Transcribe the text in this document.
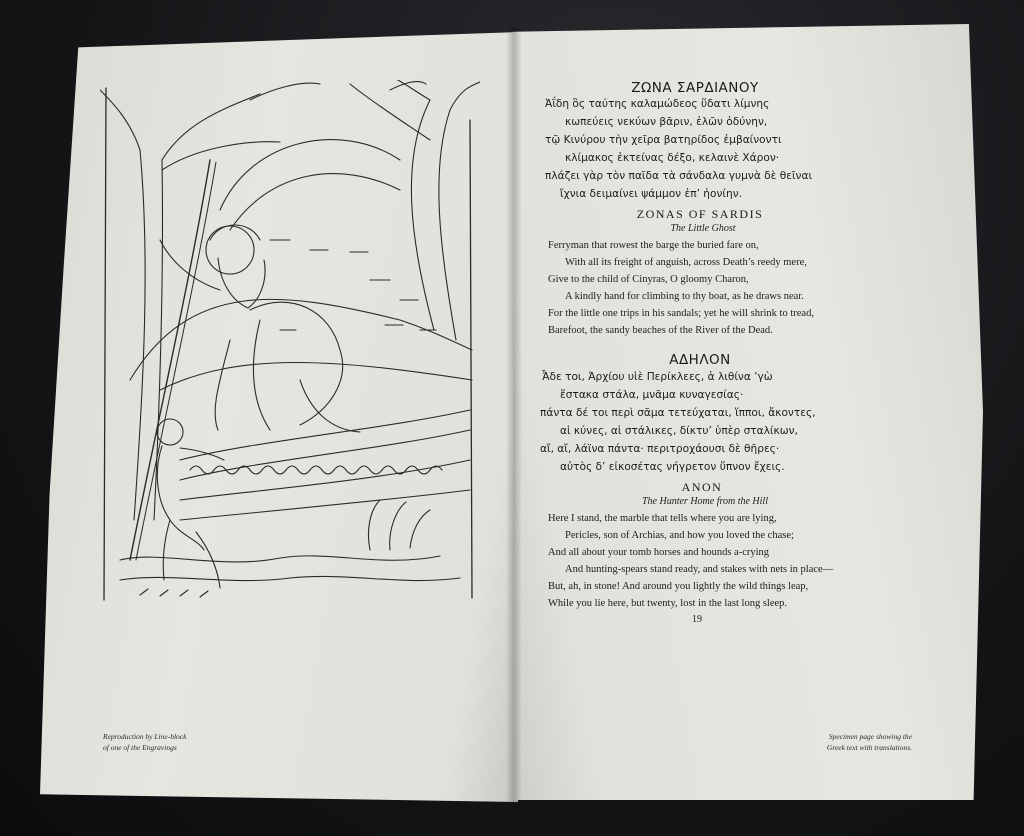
Reproduction by Line-block
of one of the Engravings
ΖΩΝΑ ΣΑΡΔΙΑΝΟΥ
Ἀΐδη ὃς ταύτης καλαμώδεος ὕδατι λίμνης
κωπεύεις νεκύων βᾶριν, ἐλῶν ὀδύνην,
τῷ Κινύρου τὴν χεῖρα βατηρίδος ἐμβαίνοντι
κλίμακος ἐκτείνας δέξο, κελαινὲ Χάρον·
πλάζει γὰρ τὸν παῖδα τὰ σάνδαλα γυμνὰ δὲ θεῖναι
ἴχνια δειμαίνει ψάμμον ἐπ’ ἠονίην.
ZONAS OF SARDIS
The Little Ghost
Ferryman that rowest the barge the buried fare on,
With all its freight of anguish, across Death’s reedy mere,
Give to the child of Cinyras, O gloomy Charon,
A kindly hand for climbing to thy boat, as he draws near.
For the little one trips in his sandals; yet he will shrink to tread,
Barefoot, the sandy beaches of the River of the Dead.
ΑΔΗΛΟΝ
Ἆδε τοι, Ἀρχίου υἱὲ Περίκλεες, ἁ λιθίνα ’γὼ
ἕστακα στάλα, μνᾶμα κυναγεσίας·
πάντα δέ τοι περὶ σᾶμα τετεύχαται, ἵπποι, ἄκοντες,
αἱ κύνες, αἱ στάλικες, δίκτυ’ ὑπὲρ σταλίκων,
αἴ, αἴ, λάϊνα πάντα· περιτροχάουσι δὲ θῆρες·
αὐτὸς δ’ εἰκοσέτας νήγρετον ὕπνον ἔχεις.
ANON
The Hunter Home from the Hill
Here I stand, the marble that tells where you are lying,
Pericles, son of Archias, and how you loved the chase;
And all about your tomb horses and hounds a-crying
And hunting-spears stand ready, and stakes with nets in place—
But, ah, in stone! And around you lightly the wild things leap,
While you lie here, but twenty, lost in the last long sleep.
19
Specimen page showing the
Greek text with translations.
